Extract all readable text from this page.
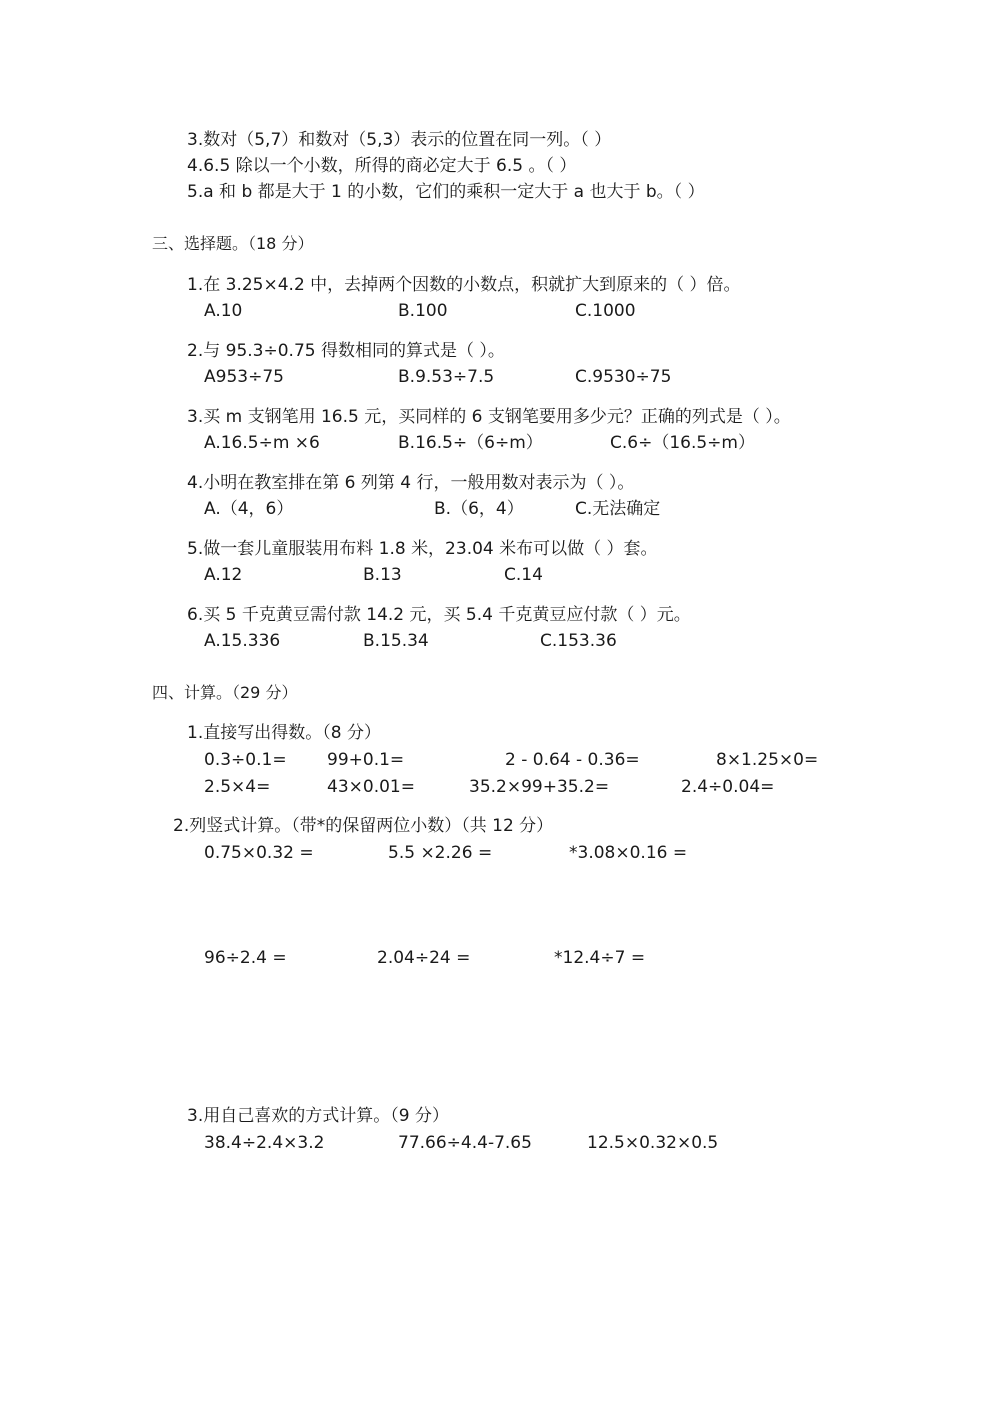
3.数对（5,7）和数对（5,3）表示的位置在同一列。（ ）
4.6.5 除以一个小数，所得的商必定大于 6.5 。（ ）
5.a 和 b 都是大于 1 的小数，它们的乘积一定大于 a 也大于 b。（ ）
三、选择题。（18 分）
1.在 3.25×4.2 中，去掉两个因数的小数点，积就扩大到原来的（ ）倍。
A.10	B.100	C.1000
2.与 95.3÷0.75 得数相同的算式是（ ）。
A953÷75	B.9.53÷7.5	C.9530÷75
3.买 m 支钢笔用 16.5 元，买同样的 6 支钢笔要用多少元？正确的列式是（ ）。
A.16.5÷m ×6	B.16.5÷（6÷m）	C.6÷（16.5÷m）
4.小明在教室排在第 6 列第 4 行，一般用数对表示为（ ）。
A.（4，6）	B.（6，4）	C.无法确定
5.做一套儿童服装用布料 1.8 米，23.04 米布可以做（ ）套。
A.12	B.13	C.14
6.买 5 千克黄豆需付款 14.2 元，买 5.4 千克黄豆应付款（ ）元。
A.15.336	B.15.34	C.153.36
四、计算。（29 分）
1.直接写出得数。（8 分）
0.3÷0.1= 99+0.1=	2 - 0.64 - 0.36=	8×1.25×0=
2.5×4=	43×0.01=	35.2×99+35.2=	2.4÷0.04=
2.列竖式计算。（带*的保留两位小数）（共 12 分）
0.75×0.32 =	5.5 ×2.26 =	*3.08×0.16 =
96÷2.4 =	2.04÷24 =	*12.4÷7 =
3.用自己喜欢的方式计算。（9 分）
38.4÷2.4×3.2	77.66÷4.4-7.65	12.5×0.32×0.5
